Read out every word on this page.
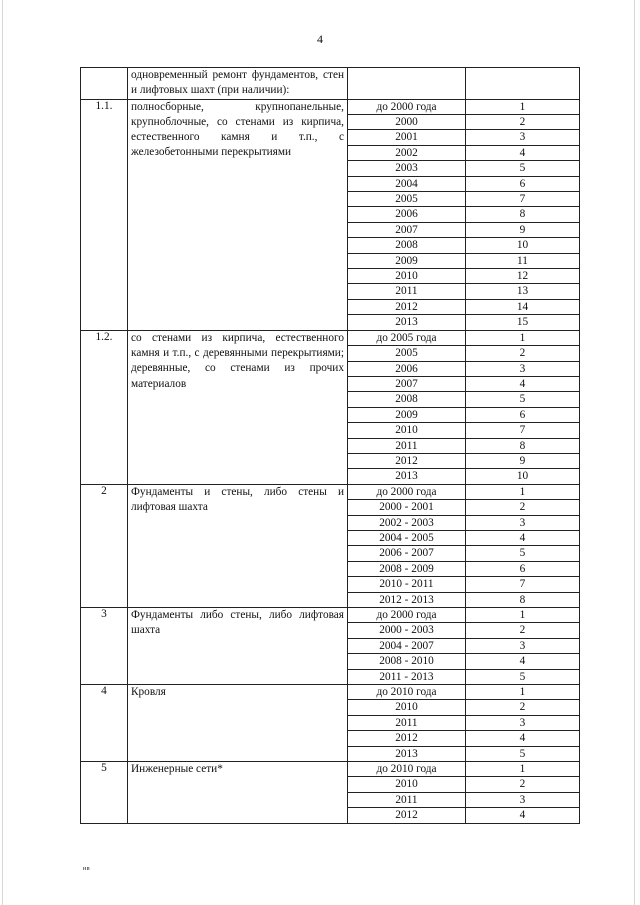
4
	одновременный ремонт фундаментов, стен и лифтовых шахт (при наличии):		
1.1.	полносборные, крупнопанельные, крупноблочные, со стенами из кирпича, естественного камня и т.п., с железобетонными перекрытиями	до 2000 года	1
		2000	2
		2001	3
		2002	4
		2003	5
		2004	6
		2005	7
		2006	8
		2007	9
		2008	10
		2009	11
		2010	12
		2011	13
		2012	14
		2013	15
1.2.	со стенами из кирпича, естественного камня и т.п., с деревянными перекрытиями; деревянные, со стенами из прочих материалов	до 2005 года	1
		2005	2
		2006	3
		2007	4
		2008	5
		2009	6
		2010	7
		2011	8
		2012	9
		2013	10
2	Фундаменты и стены, либо стены и лифтовая шахта	до 2000 года	1
		2000 - 2001	2
		2002 - 2003	3
		2004 - 2005	4
		2006 - 2007	5
		2008 - 2009	6
		2010 - 2011	7
		2012 - 2013	8
3	Фундаменты либо стены, либо лифтовая шахта	до 2000 года	1
		2000 - 2003	2
		2004 - 2007	3
		2008 - 2010	4
		2011 - 2013	5
4	Кровля	до 2010 года	1
		2010	2
		2011	3
		2012	4
		2013	5
5	Инженерные сети*	до 2010 года	1
		2010	2
		2011	3
		2012	4
нв
